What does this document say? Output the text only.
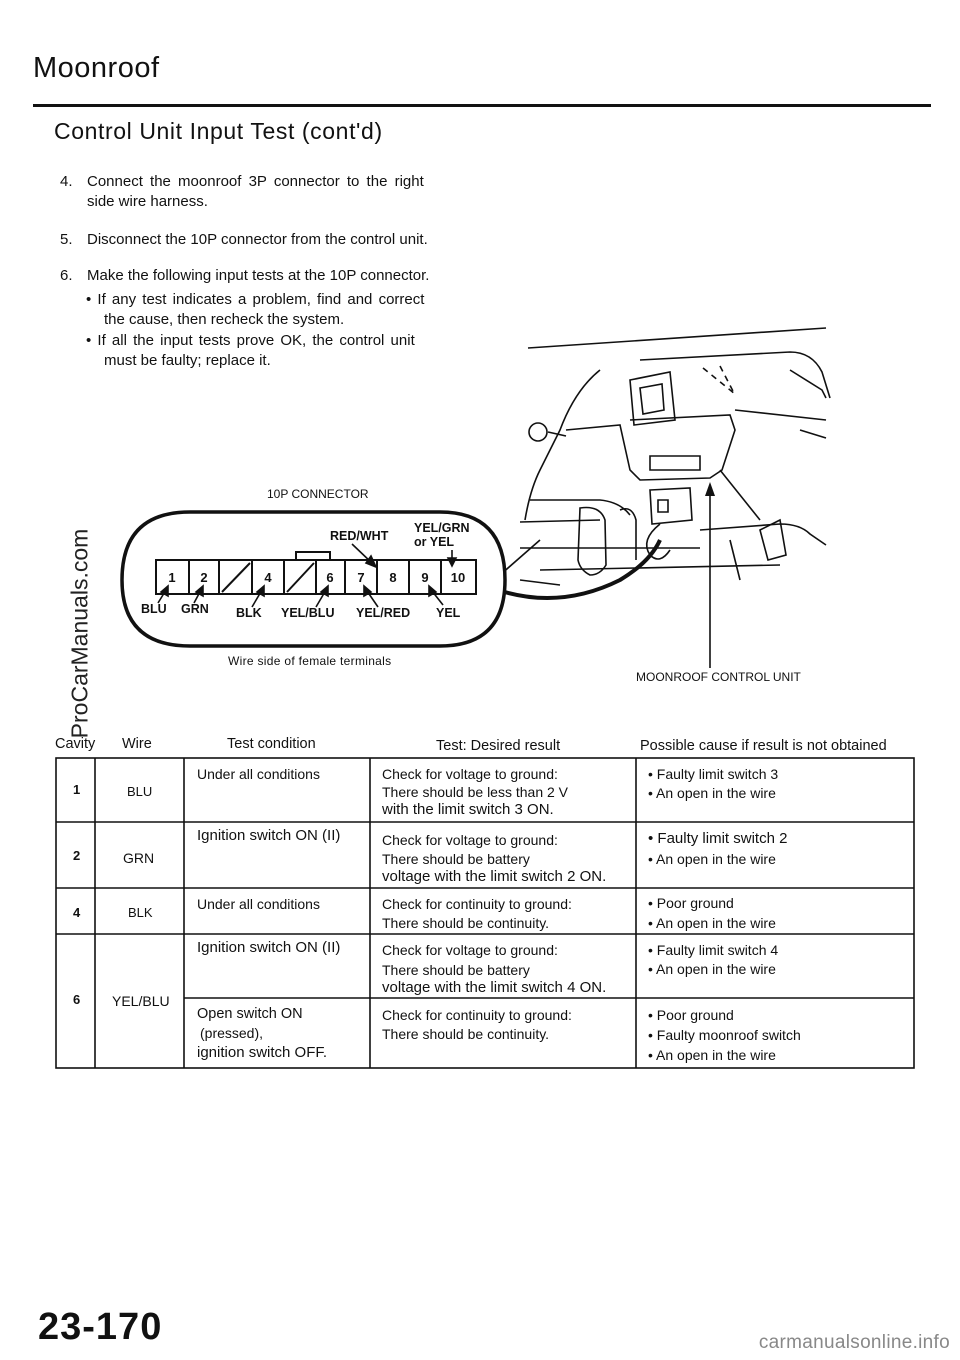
Moonroof
Control Unit Input Test (cont'd)
4. Connect the moonroof 3P connector to the right
side wire harness.
5. Disconnect the 10P connector from the control unit.
6. Make the following input tests at the 10P connector.
• If any test indicates a problem, find and correct
the cause, then recheck the system.
• If all the input tests prove OK, the control unit
must be faulty; replace it.
1 2	4	6 7 8 9 10
RED/WHT
YEL/GRN
or YEL
BLU GRN BLK YEL/BLU YEL/RED YEL
10P CONNECTOR
Wire side of female terminals
MOONROOF CONTROL UNIT
Cavity Wire	Test condition	Test: Desired result	Possible cause if result is not obtained
1	BLU
Under all conditions	Check for voltage to ground:
There should be less than 2 V
with the limit switch 3 ON.
• Faulty limit switch 3
• An open in the wire
2	GRN
Ignition switch ON (II)	Check for voltage to ground:
There should be battery
voltage with the limit switch 2 ON.
• Faulty limit switch 2
• An open in the wire
4	BLK
Under all conditions	Check for continuity to ground:
There should be continuity.
• Poor ground
• An open in the wire
6 YEL/BLU
Ignition switch ON (II)	Check for voltage to ground:
There should be battery
voltage with the limit switch 4 ON.
• Faulty limit switch 4
• An open in the wire
Open switch ON
(pressed),
ignition switch OFF.
Check for continuity to ground:
There should be continuity.
• Poor ground
• Faulty moonroof switch
• An open in the wire
23-170
ProCarManuals.com
carmanualsonline.info
